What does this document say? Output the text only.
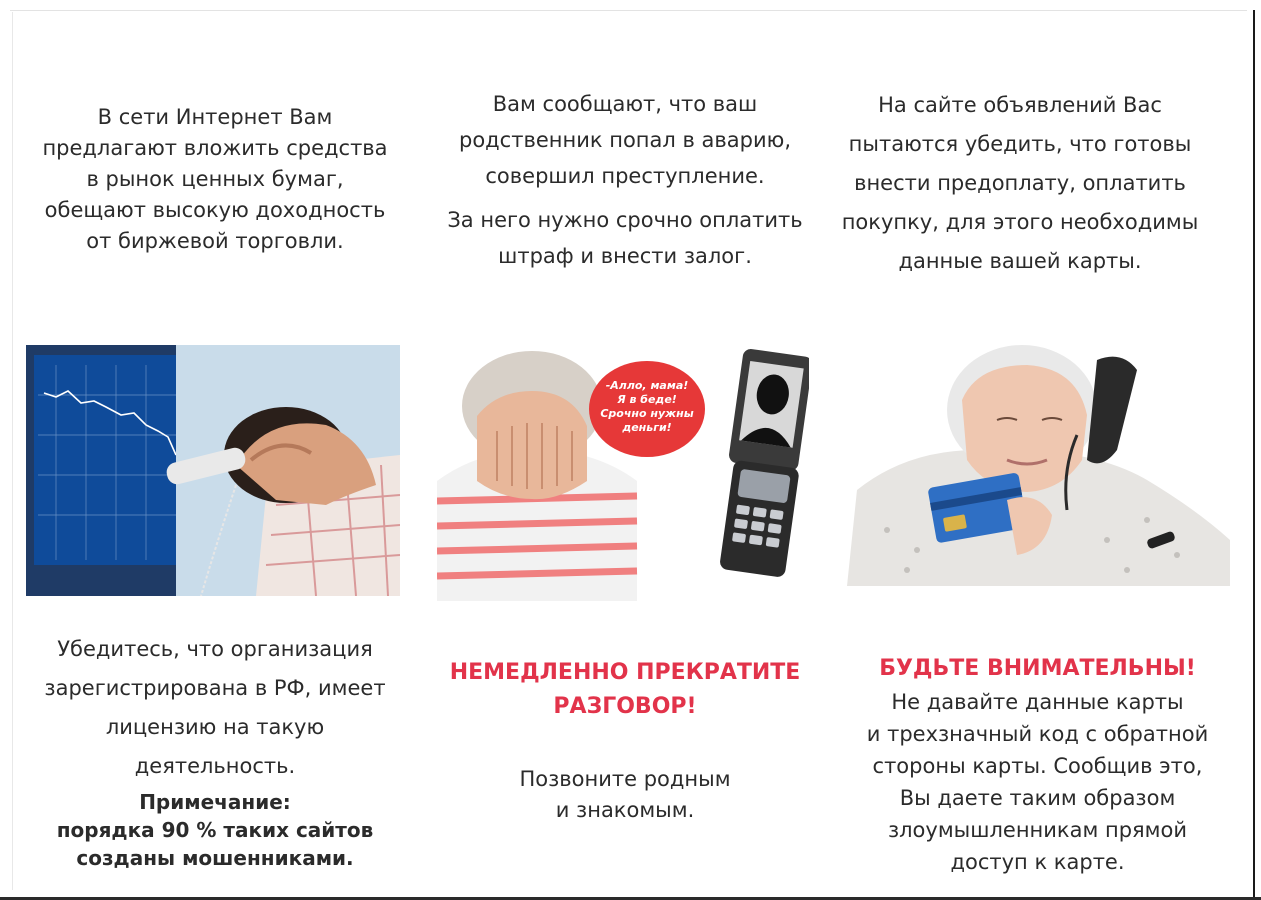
В сети Интернет Вам

предлагают вложить средства

в рынок ценных бумаг,

обещают высокую доходность

от биржевой торговли.

Вам сообщают, что ваш

родственник попал в аварию,

совершил преступление.

За него нужно срочно оплатить

штраф и внести залог.

На сайте объявлений Вас

пытаются убедить, что готовы

внести предоплату, оплатить

покупку, для этого необходимы

данные вашей карты.

-Алло, мама!
Я в беде!
Срочно нужны
деньги!

Убедитесь, что организация

зарегистрирована в РФ, имеет

лицензию на такую

деятельность.

Примечание:

порядка 90 % таких сайтов

созданы мошенниками.

НЕМЕДЛЕННО ПРЕКРАТИТЕ

РАЗГОВОР!

Позвоните родным

и знакомым.

БУДЬТЕ ВНИМАТЕЛЬНЫ!

Не давайте данные карты

и трехзначный код с обратной

стороны карты. Сообщив это,

Вы даете таким образом

злоумышленникам прямой

доступ к карте.
